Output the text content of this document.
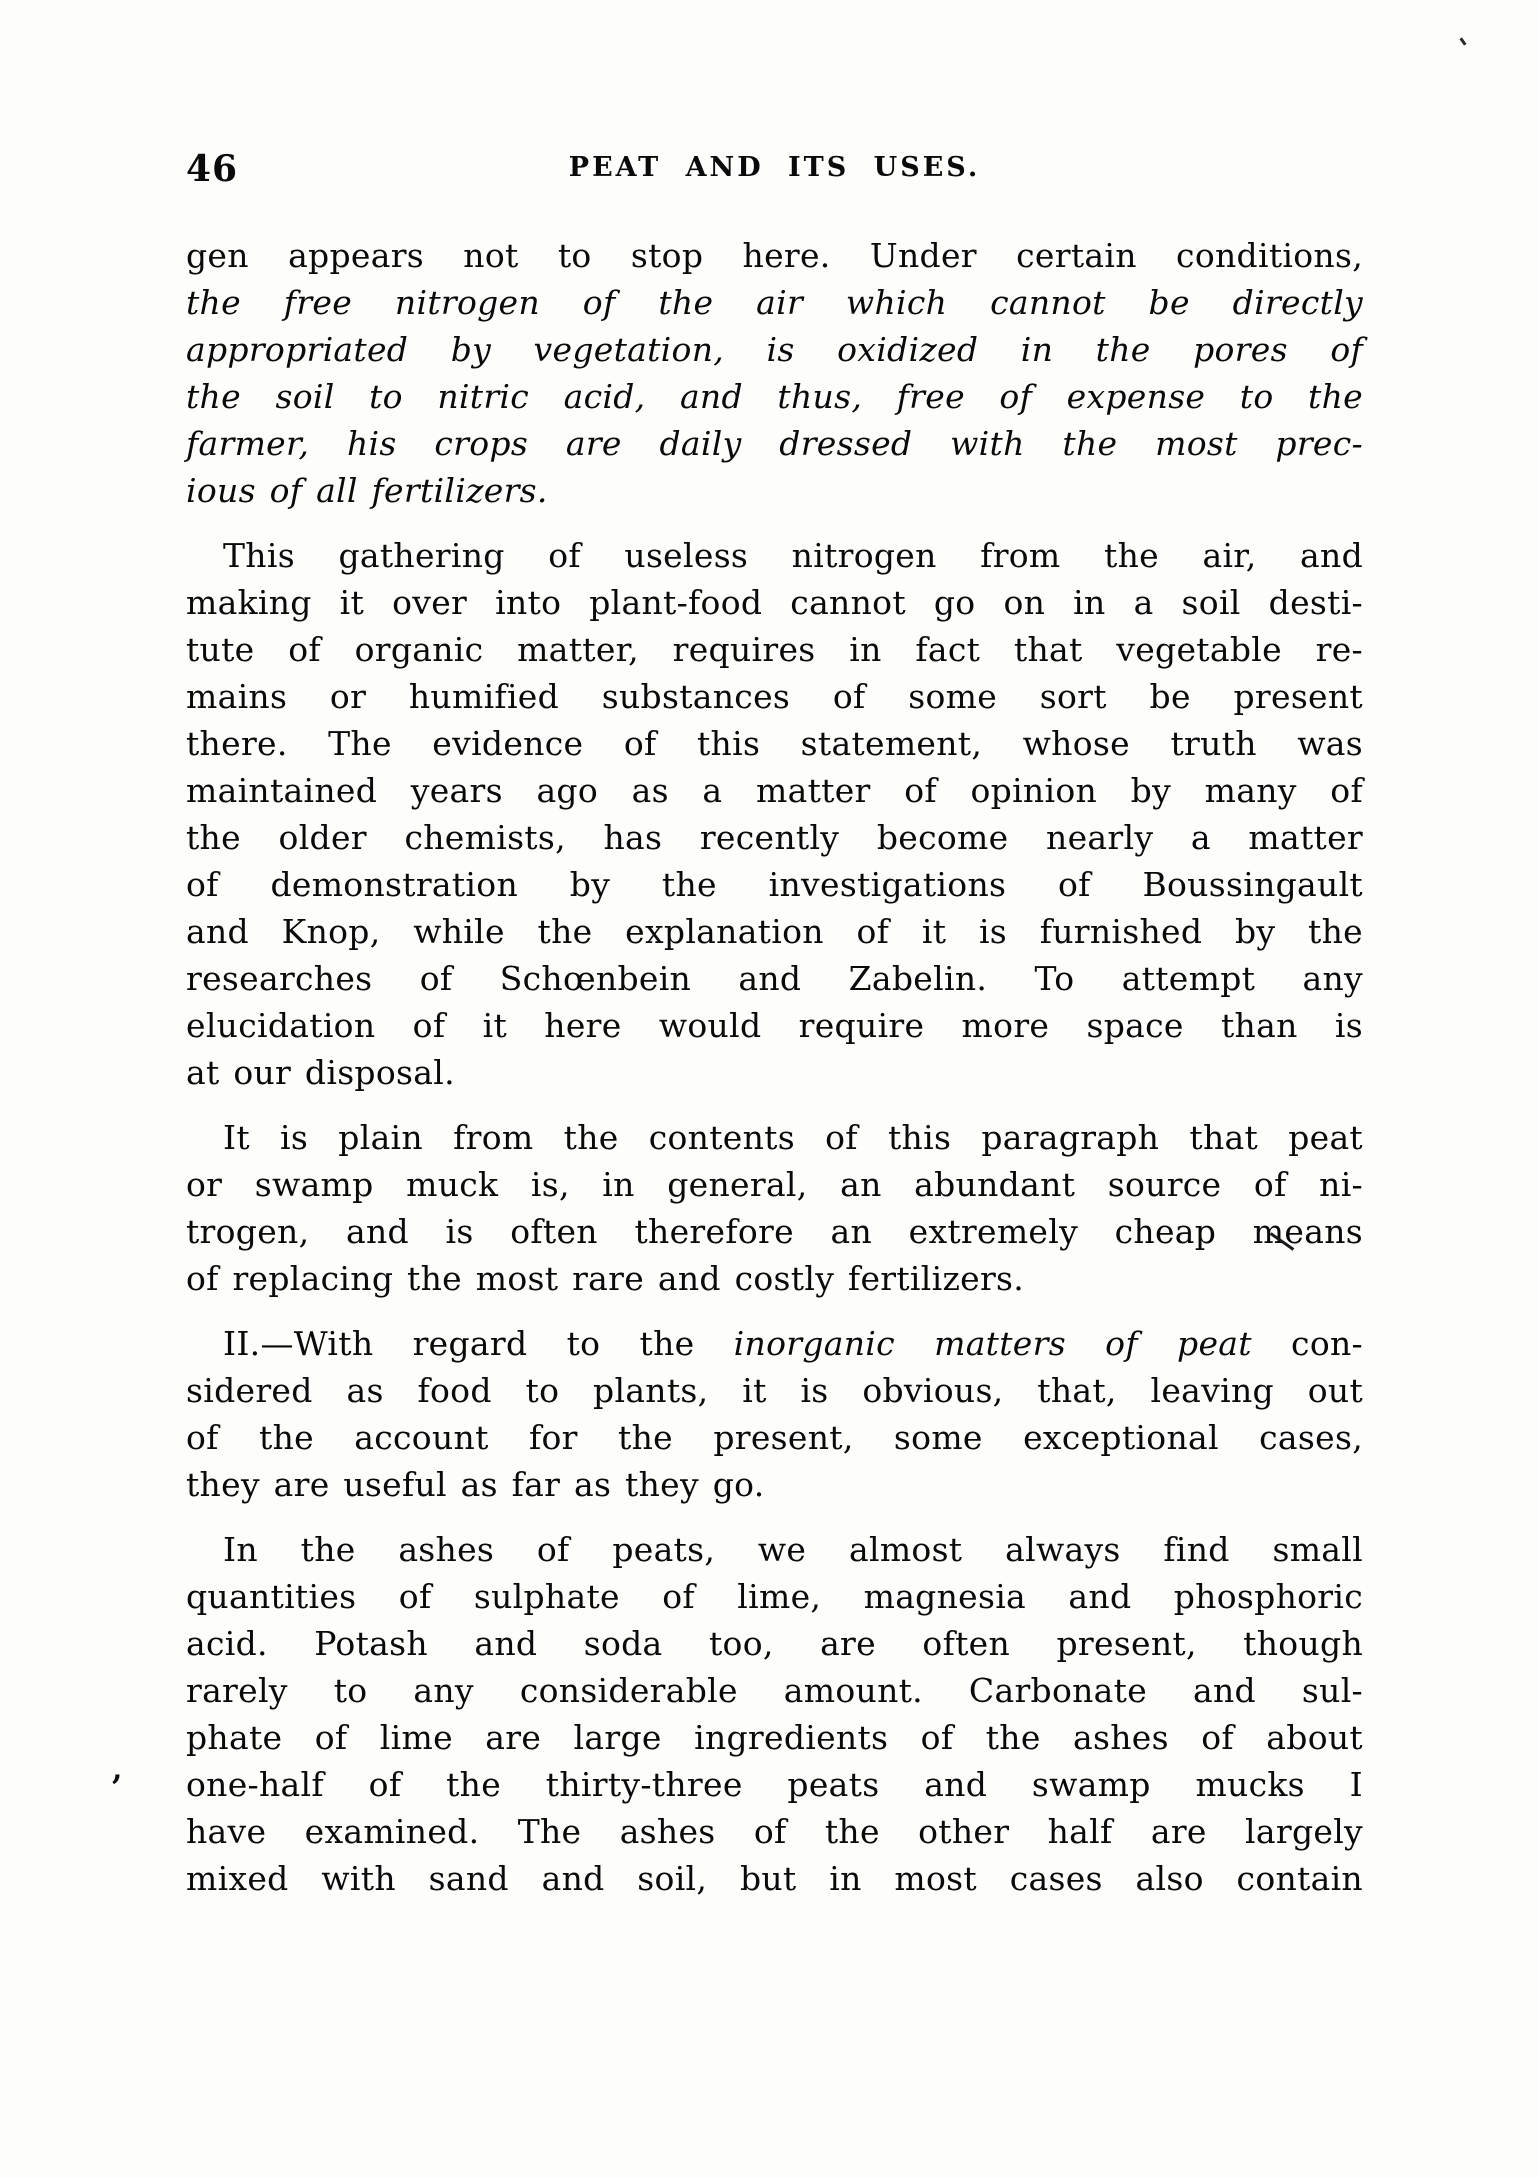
46	PEAT AND ITS USES.
gen appears not to stop here. Under certain conditions,
the free nitrogen of the air which cannot be directly
appropriated by vegetation, is oxidized in the pores of
the soil to nitric acid, and thus, free of expense to the
farmer, his crops are daily dressed with the most prec-
ious of all fertilizers.
This gathering of useless nitrogen from the air, and
making it over into plant-food cannot go on in a soil desti-
tute of organic matter, requires in fact that vegetable re-
mains or humified substances of some sort be present
there. The evidence of this statement, whose truth was
maintained years ago as a matter of opinion by many of
the older chemists, has recently become nearly a matter
of demonstration by the investigations of Boussingault
and Knop, while the explanation of it is furnished by the
researches of Schœnbein and Zabelin. To attempt any
elucidation of it here would require more space than is
at our disposal.
It is plain from the contents of this paragraph that peat
or swamp muck is, in general, an abundant source of ni-
trogen, and is often therefore an extremely cheap means
of replacing the most rare and costly fertilizers.
II.—With regard to the inorganic matters of peat con-
sidered as food to plants, it is obvious, that, leaving out
of the account for the present, some exceptional cases,
they are useful as far as they go.
In the ashes of peats, we almost always find small
quantities of sulphate of lime, magnesia and phosphoric
acid. Potash and soda too, are often present, though
rarely to any considerable amount. Carbonate and sul-
phate of lime are large ingredients of the ashes of about
one-half of the thirty-three peats and swamp mucks I
have examined. The ashes of the other half are largely
mixed with sand and soil, but in most cases also contain
,
